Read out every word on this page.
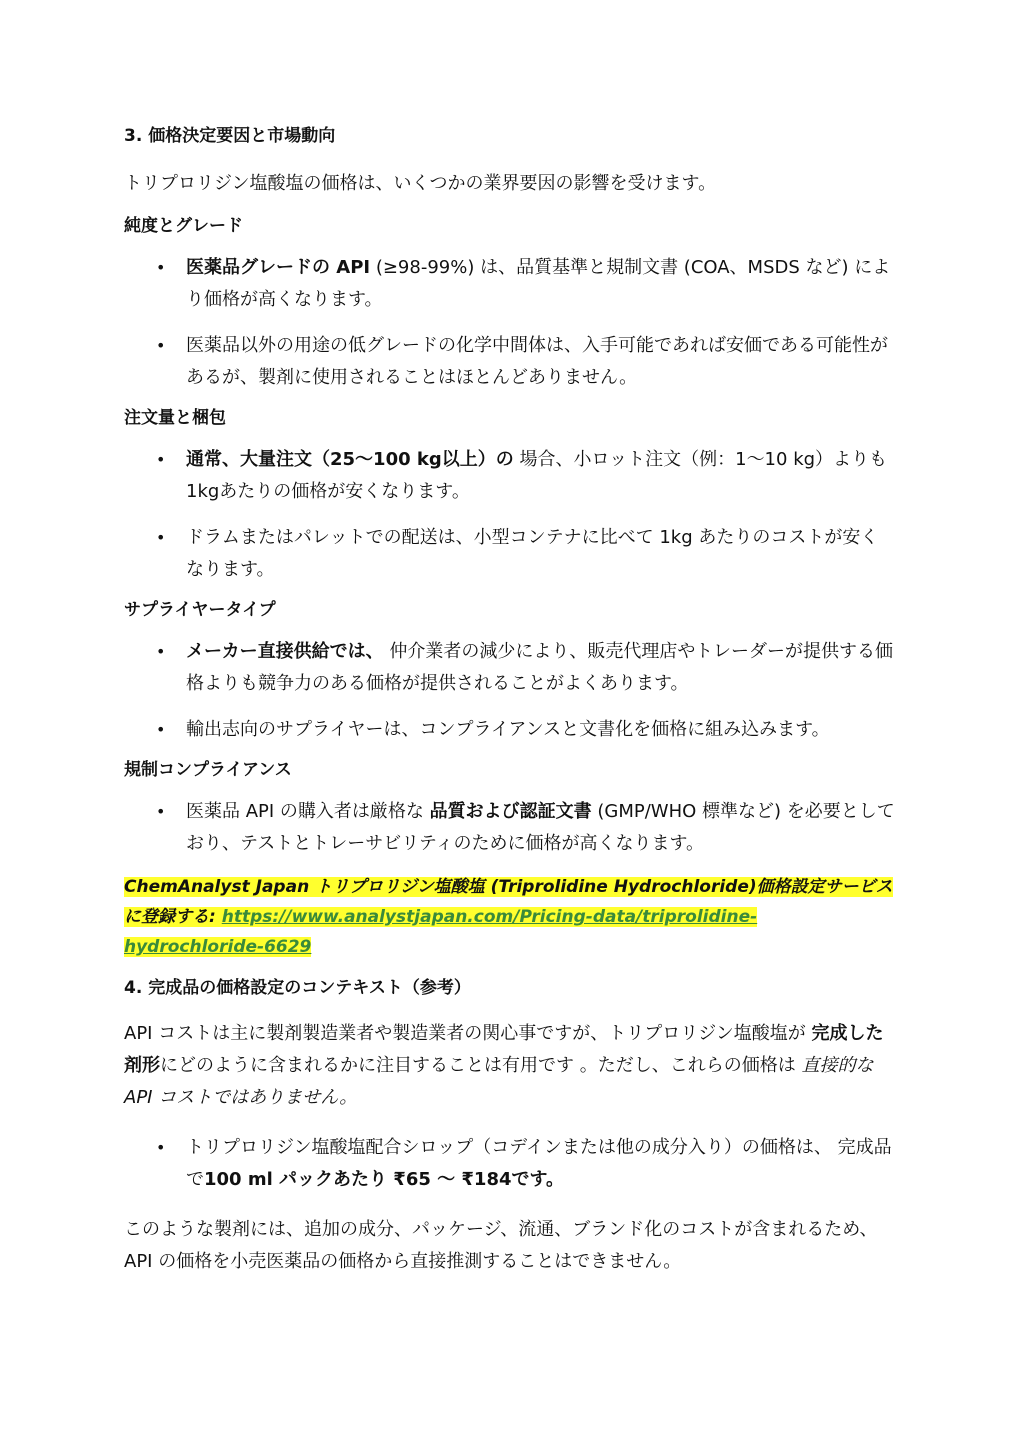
3. 価格決定要因と市場動向

トリプロリジン塩酸塩の価格は、いくつかの業界要因の影響を受けます。

純度とグレード
• 医薬品グレードの API (≥98-99%) は、品質基準と規制文書 (COA、MSDS など) により価格が高くなります。
• 医薬品以外の用途の低グレードの化学中間体は、入手可能であれば安価である可能性があるが、製剤に使用されることはほとんどありません。
注文量と梱包
• 通常、大量注文（25〜100 kg以上）の 場合、小ロット注文（例：1〜10 kg）よりも1kgあたりの価格が安くなります。
• ドラムまたはパレットでの配送は、小型コンテナに比べて 1kg あたりのコストが安くなります。
サプライヤータイプ
• メーカー直接供給では、 仲介業者の減少により、販売代理店やトレーダーが提供する価格よりも競争力のある価格が提供されることがよくあります。
• 輸出志向のサプライヤーは、コンプライアンスと文書化を価格に組み込みます。
規制コンプライアンス
• 医薬品 API の購入者は厳格な 品質および認証文書 (GMP/WHO 標準など) を必要としており、テストとトレーサビリティのために価格が高くなります。

ChemAnalyst Japan トリプロリジン塩酸塩 (Triprolidine Hydrochloride)価格設定サービスに登録する: https://www.analystjapan.com/Pricing-data/triprolidine-hydrochloride-6629

4. 完成品の価格設定のコンテキスト（参考）

API コストは主に製剤製造業者や製造業者の関心事ですが、トリプロリジン塩酸塩が 完成した剤形にどのように含まれるかに注目することは有用です 。ただし、これらの価格は 直接的なAPI コストではありません。

• トリプロリジン塩酸塩配合シロップ（コデインまたは他の成分入り）の価格は、 完成品で100 ml パックあたり ₹65 〜 ₹184です。

このような製剤には、追加の成分、パッケージ、流通、ブランド化のコストが含まれるため、API の価格を小売医薬品の価格から直接推測することはできません。
